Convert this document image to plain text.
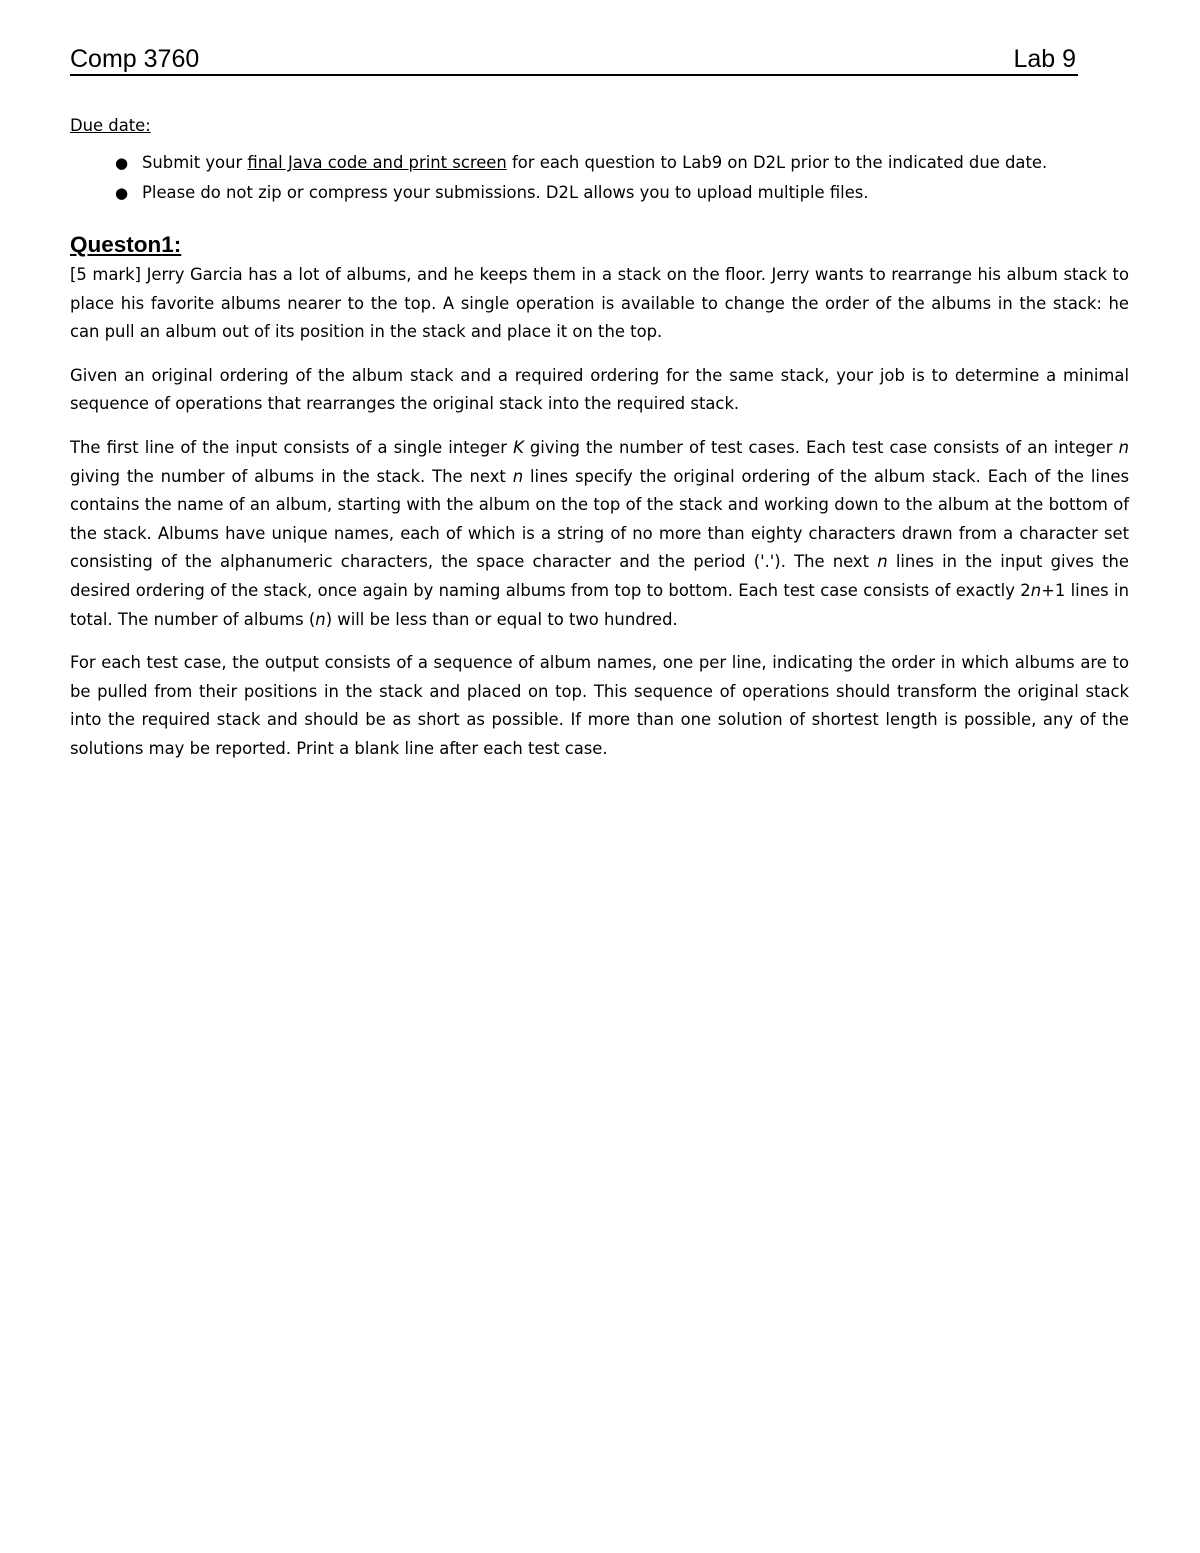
Comp 3760	Lab 9
Due date:
● Submit your final Java code and print screen for each question to Lab9 on D2L prior to the indicated due date.
● Please do not zip or compress your submissions. D2L allows you to upload multiple files.
Queston1:

[5 mark] Jerry Garcia has a lot of albums, and he keeps them in a stack on the floor. Jerry wants to rearrange his album stack to place his favorite albums nearer to the top. A single operation is available to change the order of the albums in the stack: he can pull an album out of its position in the stack and place it on the top.

Given an original ordering of the album stack and a required ordering for the same stack, your job is to determine a minimal sequence of operations that rearranges the original stack into the required stack.

The first line of the input consists of a single integer K giving the number of test cases. Each test case consists of an integer n giving the number of albums in the stack. The next n lines specify the original ordering of the album stack. Each of the lines contains the name of an album, starting with the album on the top of the stack and working down to the album at the bottom of the stack. Albums have unique names, each of which is a string of no more than eighty characters drawn from a character set consisting of the alphanumeric characters, the space character and the period ('.'). The next n lines in the input gives the desired ordering of the stack, once again by naming albums from top to bottom. Each test case consists of exactly 2n+1 lines in total. The number of albums (n) will be less than or equal to two hundred.

For each test case, the output consists of a sequence of album names, one per line, indicating the order in which albums are to be pulled from their positions in the stack and placed on top. This sequence of operations should transform the original stack into the required stack and should be as short as possible. If more than one solution of shortest length is possible, any of the solutions may be reported. Print a blank line after each test case.
